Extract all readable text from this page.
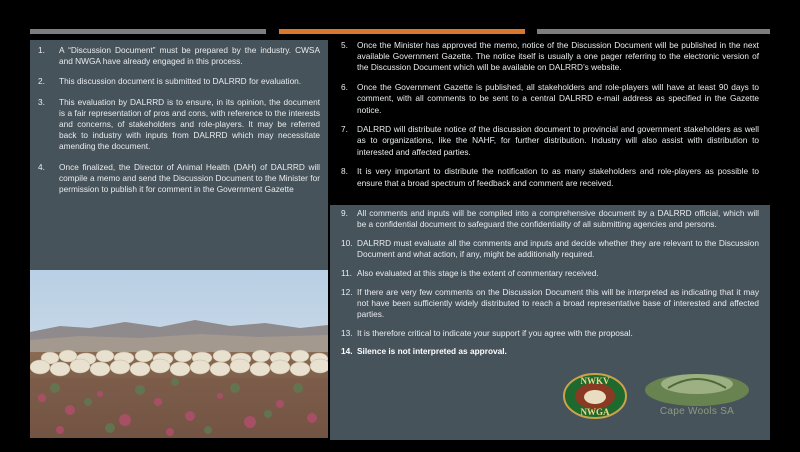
1. A “Discussion Document” must be prepared by the industry. CWSA and NWGA have already engaged in this process.
2. This discussion document is submitted to DALRRD for evaluation.
3. This evaluation by DALRRD is to ensure, in its opinion, the document is a fair representation of pros and cons, with reference to the interests and concerns, of stakeholders and role-players. It may be referred back to industry with inputs from DALRRD which may necessitate amending the document.
4. Once finalized, the Director of Animal Health (DAH) of DALRRD will compile a memo and send the Discussion Document to the Minister for permission to publish it for comment in the Government Gazette
5. Once the Minister has approved the memo, notice of the Discussion Document will be published in the next available Government Gazette. The notice itself is usually a one pager referring to the electronic version of the Discussion Document which will be available on DALRRD’s website.
6. Once the Government Gazette is published, all stakeholders and role-players will have at least 90 days to comment, with all comments to be sent to a central DALRRD e-mail address as specified in the Gazette notice.
7. DALRRD will distribute notice of the discussion document to provincial and government stakeholders as well as to organizations, like the NAHF, for further distribution. Industry will also assist with distribution to interested and affected parties.
8. It is very important to distribute the notification to as many stakeholders and role-players as possible to ensure that a broad spectrum of feedback and comment are received.
9. All comments and inputs will be compiled into a comprehensive document by a DALRRD official, which will be a confidential document to safeguard the confidentiality of all submitting agencies and persons.
10. DALRRD must evaluate all the comments and inputs and decide whether they are relevant to the Discussion Document and what action, if any, might be additionally required.
11. Also evaluated at this stage is the extent of commentary received.
12. If there are very few comments on the Discussion Document this will be interpreted as indicating that it may not have been sufficiently widely distributed to reach a broad representative base of interested and affected parties.
13. It is therefore critical to indicate your support if you agree with the proposal.
14. Silence is not interpreted as approval.
NWKV
NWGA	Cape Wools SA
